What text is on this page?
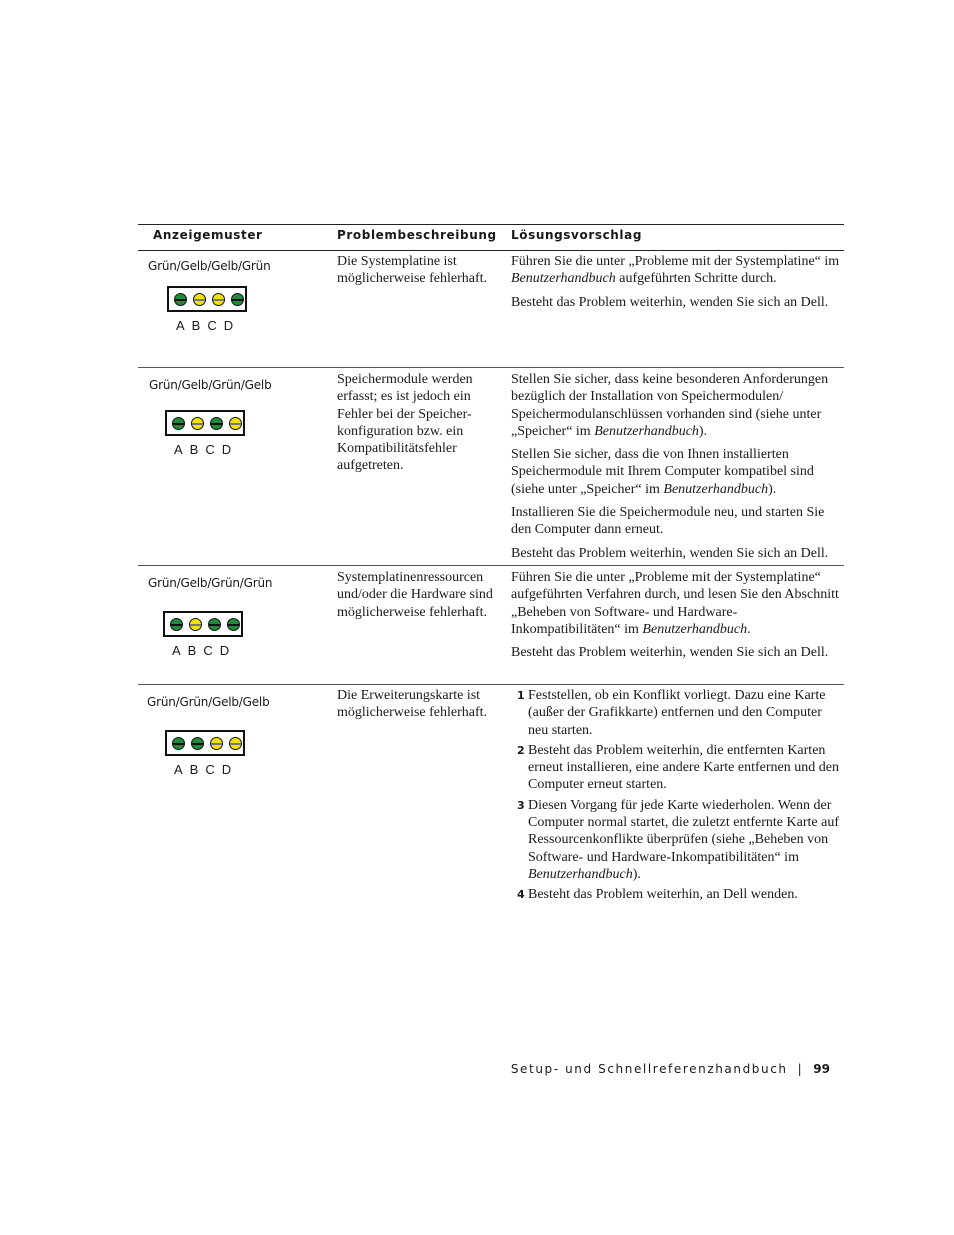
Anzeigemuster	Problembeschreibung Lösungsvorschlag
Grün/Gelb/Gelb/Grün
ABCD
Die Systemplatine ist möglicherweise fehlerhaft.

Führen Sie die unter „Probleme mit der Systemplatine“ im Benutzerhandbuch aufgeführten Schritte durch.

Besteht das Problem weiterhin, wenden Sie sich an Dell.

Grün/Gelb/Grün/Gelb
ABCD
Speichermodule werden erfasst; es ist jedoch ein Fehler bei der Speicher-konfiguration bzw. ein Kompatibilitätsfehler aufgetreten.

Stellen Sie sicher, dass keine besonderen Anforderungen bezüglich der Installation von Speichermodulen/ Speichermodulanschlüssen vorhanden sind (siehe unter „Speicher“ im Benutzerhandbuch).

Stellen Sie sicher, dass die von Ihnen installierten Speichermodule mit Ihrem Computer kompatibel sind (siehe unter „Speicher“ im Benutzerhandbuch).

Installieren Sie die Speichermodule neu, und starten Sie den Computer dann erneut.

Besteht das Problem weiterhin, wenden Sie sich an Dell.

Grün/Gelb/Grün/Grün
ABCD
Systemplatinenressourcen und/oder die Hardware sind möglicherweise fehlerhaft.

Führen Sie die unter „Probleme mit der Systemplatine“ aufgeführten Verfahren durch, und lesen Sie den Abschnitt „Beheben von Software- und Hardware-Inkompatibilitäten“ im Benutzerhandbuch.

Besteht das Problem weiterhin, wenden Sie sich an Dell.

Grün/Grün/Gelb/Gelb
ABCD
Die Erweiterungskarte ist möglicherweise fehlerhaft.
1 Feststellen, ob ein Konflikt vorliegt. Dazu eine Karte (außer der Grafikkarte) entfernen und den Computer neu starten.
2 Besteht das Problem weiterhin, die entfernten Karten erneut installieren, eine andere Karte entfernen und den Computer erneut starten.
3 Diesen Vorgang für jede Karte wiederholen. Wenn der Computer normal startet, die zuletzt entfernte Karte auf Ressourcenkonflikte überprüfen (siehe „Beheben von Software- und Hardware-Inkompatibilitäten“ im Benutzerhandbuch).
4 Besteht das Problem weiterhin, an Dell wenden.
Setup- und Schnellreferenzhandbuch | 99
